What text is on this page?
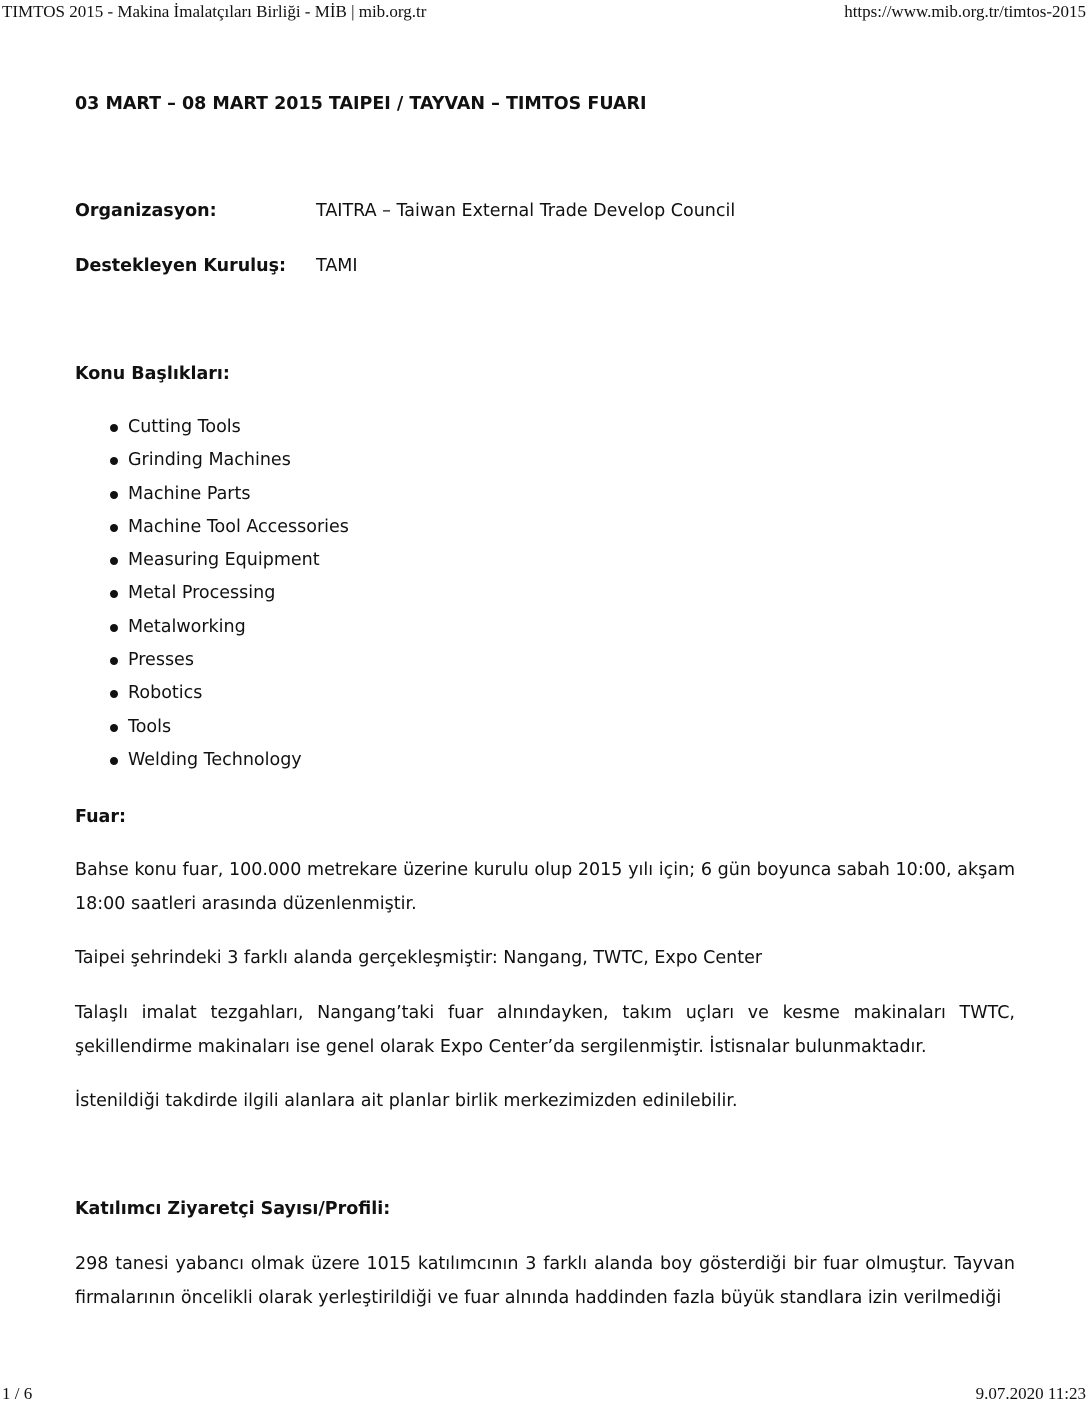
TIMTOS 2015 - Makina İmalatçıları Birliği - MİB | mib.org.tr	https://www.mib.org.tr/timtos-2015
03 MART – 08 MART 2015 TAIPEI / TAYVAN – TIMTOS FUARI
Organizasyon:	TAITRA – Taiwan External Trade Develop Council
Destekleyen Kuruluş:	TAMI
Konu Başlıkları:
Cutting Tools
Grinding Machines
Machine Parts
Machine Tool Accessories
Measuring Equipment
Metal Processing
Metalworking
Presses
Robotics
Tools
Welding Technology
Fuar:

Bahse konu fuar, 100.000 metrekare üzerine kurulu olup 2015 yılı için; 6 gün boyunca sabah 10:00, akşam 18:00 saatleri arasında düzenlenmiştir.

Taipei şehrindeki 3 farklı alanda gerçekleşmiştir: Nangang, TWTC, Expo Center

Talaşlı imalat tezgahları, Nangang’taki fuar alnındayken, takım uçları ve kesme makinaları TWTC, şekillendirme makinaları ise genel olarak Expo Center’da sergilenmiştir. İstisnalar bulunmaktadır.

İstenildiği takdirde ilgili alanlara ait planlar birlik merkezimizden edinilebilir.

Katılımcı Ziyaretçi Sayısı/Profili:

298 tanesi yabancı olmak üzere 1015 katılımcının 3 farklı alanda boy gösterdiği bir fuar olmuştur. Tayvan firmalarının öncelikli olarak yerleştirildiği ve fuar alnında haddinden fazla büyük standlara izin verilmediği

1 / 6	9.07.2020 11:23
